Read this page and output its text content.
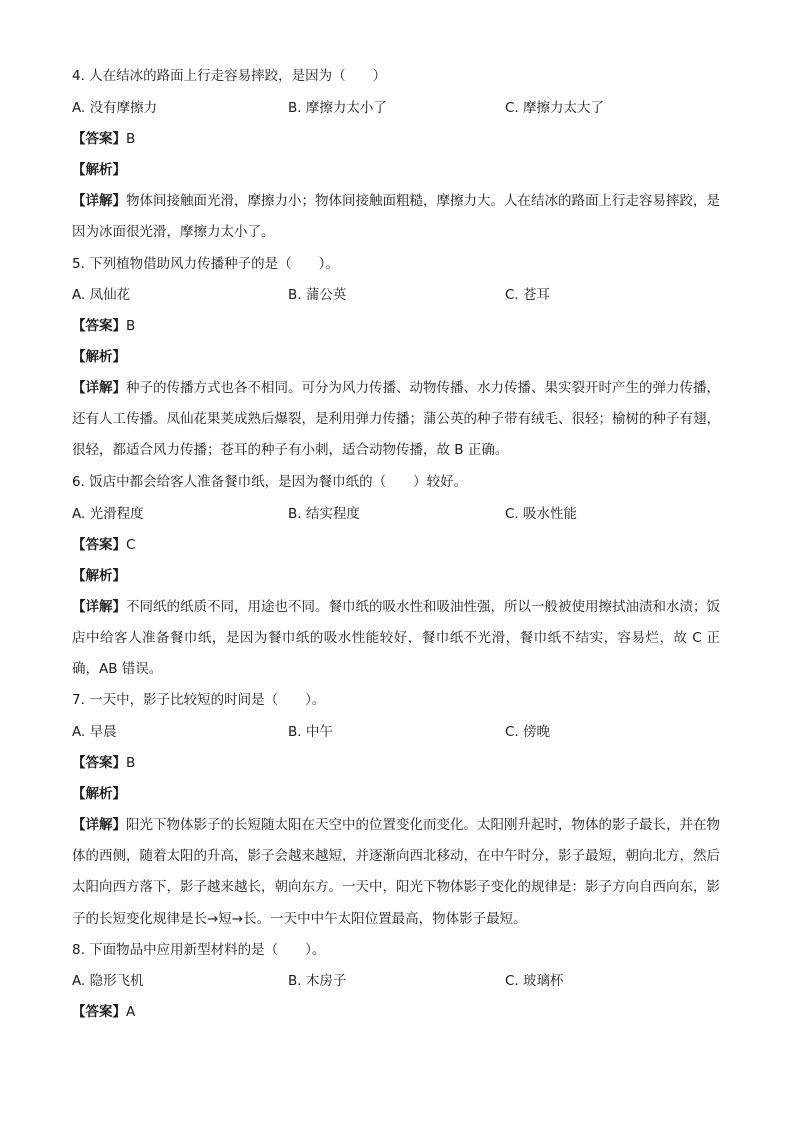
4. 人在结冰的路面上行走容易摔跤，是因为（　　）
A. 没有摩擦力	B. 摩擦力太小了	C. 摩擦力太大了
【答案】B
【解析】
【详解】物体间接触面光滑，摩擦力小；物体间接触面粗糙，摩擦力大。人在结冰的路面上行走容易摔跤，是因为冰面很光滑，摩擦力太小了。
5. 下列植物借助风力传播种子的是（　　）。
A. 凤仙花	B. 蒲公英	C. 苍耳
【答案】B
【解析】
【详解】种子的传播方式也各不相同。可分为风力传播、动物传播、水力传播、果实裂开时产生的弹力传播，还有人工传播。凤仙花果荚成熟后爆裂，是利用弹力传播；蒲公英的种子带有绒毛、很轻；榆树的种子有翅，很轻，都适合风力传播；苍耳的种子有小刺，适合动物传播，故 B 正确。
6. 饭店中都会给客人准备餐巾纸，是因为餐巾纸的（　　）较好。
A. 光滑程度	B. 结实程度	C. 吸水性能
【答案】C
【解析】
【详解】不同纸的纸质不同，用途也不同。餐巾纸的吸水性和吸油性强，所以一般被使用擦拭油渍和水渍；饭店中给客人准备餐巾纸，是因为餐巾纸的吸水性能较好，餐巾纸不光滑，餐巾纸不结实，容易烂，故 C 正确，AB 错误。
7. 一天中，影子比较短的时间是（　　）。
A. 早晨	B. 中午	C. 傍晚
【答案】B
【解析】
【详解】阳光下物体影子的长短随太阳在天空中的位置变化而变化。太阳刚升起时，物体的影子最长，并在物体的西侧，随着太阳的升高，影子会越来越短，并逐渐向西北移动，在中午时分，影子最短，朝向北方，然后太阳向西方落下，影子越来越长，朝向东方。一天中，阳光下物体影子变化的规律是：影子方向自西向东，影子的长短变化规律是长→短→长。一天中中午太阳位置最高，物体影子最短。
8. 下面物品中应用新型材料的是（　　）。
A. 隐形飞机	B. 木房子	C. 玻璃杯
【答案】A
